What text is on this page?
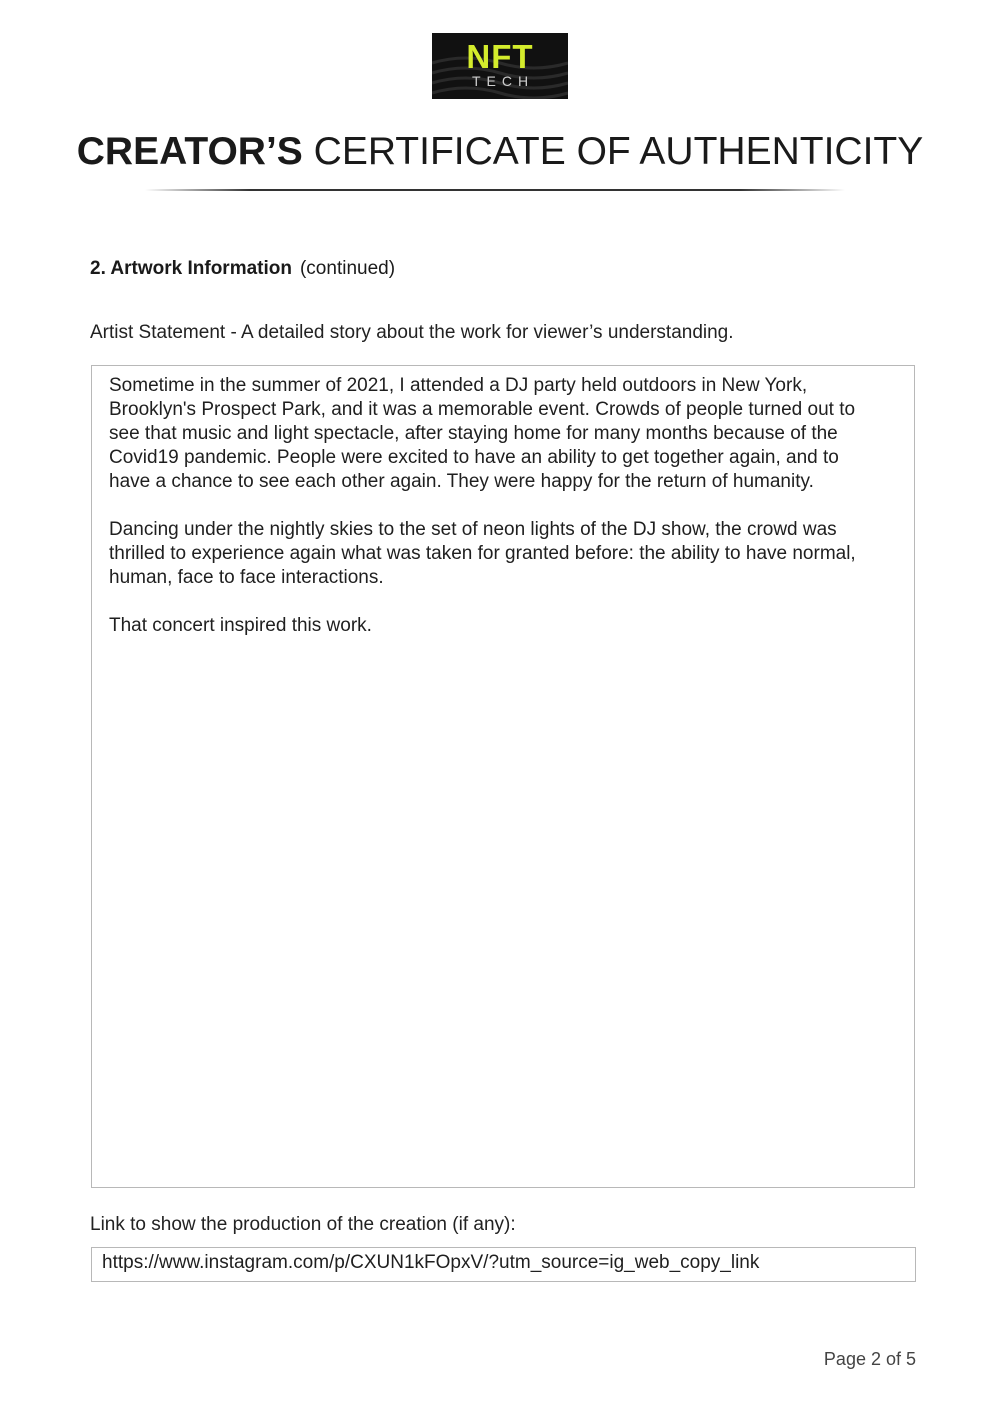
NFT
TECH
CREATOR’S CERTIFICATE OF AUTHENTICITY
2. Artwork Information (continued)
Artist Statement - A detailed story about the work for viewer’s understanding.

Sometime in the summer of 2021, I attended a DJ party held outdoors in New York, Brooklyn's Prospect Park, and it was a memorable event. Crowds of people turned out to see that music and light spectacle, after staying home for many months because of the Covid19 pandemic. People were excited to have an ability to get together again, and to have a chance to see each other again. They were happy for the return of humanity.

Dancing under the nightly skies to the set of neon lights of the DJ show, the crowd was thrilled to experience again what was taken for granted before: the ability to have normal, human, face to face interactions.

That concert inspired this work.

Link to show the production of the creation (if any):
https://www.instagram.com/p/CXUN1kFOpxV/?utm_source=ig_web_copy_link
Page 2 of 5
